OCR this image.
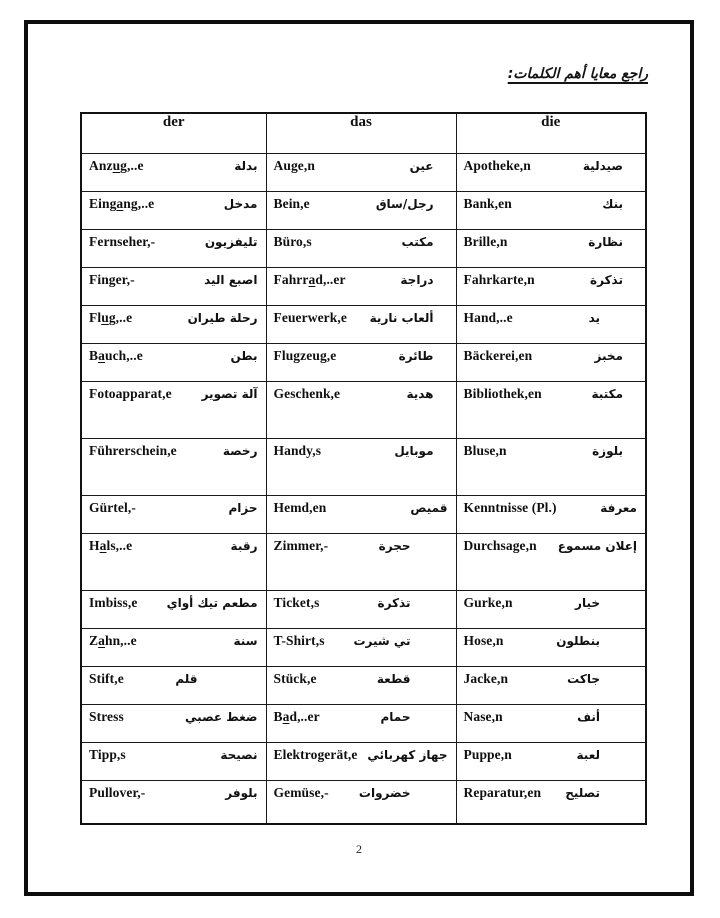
راجع معايا أهم الكلمات:
der	das	die

Anzug,..e بدلة	Auge,n عين	Apotheke,n صيدلية

Eingang,..e مدخل	Bein,e رجل/ساق	Bank,en بنك

Fernseher,- تليفزيون	Büro,s مكتب	Brille,n نظارة

Finger,- اصبع اليد	Fahrrad,..er دراجة	Fahrkarte,n تذكرة

Flug,..e رحلة طيران	Feuerwerk,e ألعاب نارية	Hand,..e يد

Bauch,..e بطن	Flugzeug,e طائرة	Bäckerei,en مخبز

Fotoapparat,e آلة تصوير	Geschenk,e هدية	Bibliothek,en مكتبة

Führerschein,e رخصة	Handy,s موبايل	Bluse,n بلوزة

Gürtel,- حزام	Hemd,en قميص	Kenntnisse (Pl.) معرفة

Hals,..e رقبة	Zimmer,- حجرة	Durchsage,n إعلان مسموع

Imbiss,e مطعم تيك أواي	Ticket,s تذكرة	Gurke,n خيار

Zahn,..e سنة	T-Shirt,s تي شيرت	Hose,n بنطلون

Stift,e قلم	Stück,e قطعة	Jacke,n جاكت

Stress ضغط عصبي	Bad,..er حمام	Nase,n أنف

Tipp,s نصيحة	Elektrogerät,e جهاز كهربائي	Puppe,n لعبة

Pullover,- بلوفر	Gemüse,- خضروات	Reparatur,en تصليح
2
